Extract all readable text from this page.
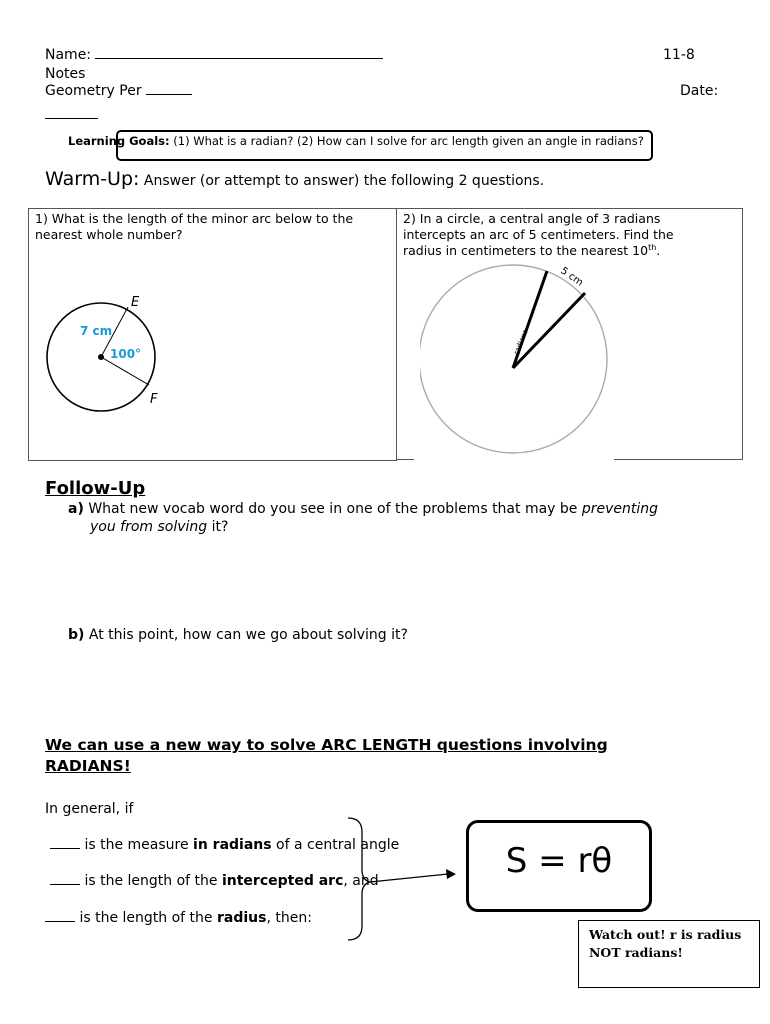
Name:	11-8
Notes
Geometry Per	Date:
Learning Goals: (1) What is a radian? (2) How can I solve for arc length given an angle in radians?
Warm-Up: Answer (or attempt to answer) the following 2 questions.
1) What is the length of the minor arc below to the
nearest whole number?
2) In a circle, a central angle of 3 radians
intercepts an arc of 5 centimeters. Find the
radius in centimeters to the nearest 10th.
E
F
7 cm
100°
5 cm
radians
Follow-Up
a) What new vocab word do you see in one of the problems that may be preventing
you from solving it?
b) At this point, how can we go about solving it?
We can use a new way to solve ARC LENGTH questions involving
RADIANS!
In general, if
is the measure in radians of a central angle
is the length of the intercepted arc, and
is the length of the radius, then:
S = rθ
Watch out! r is radius
NOT radians!
